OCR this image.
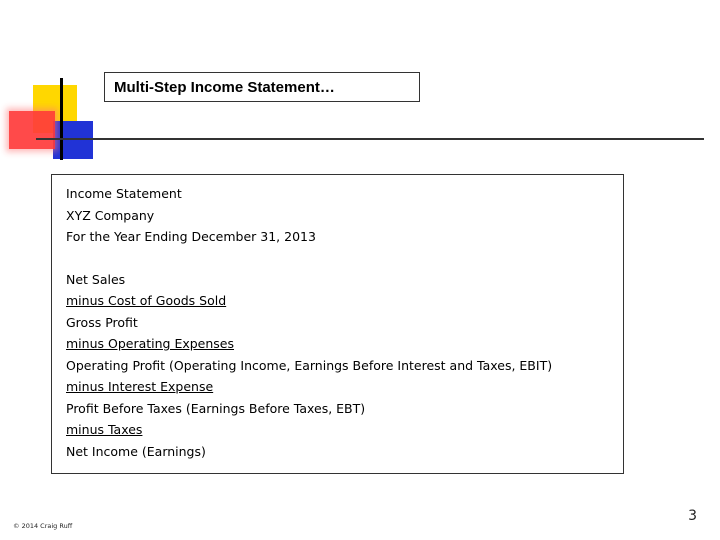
Multi-Step Income Statement…
Income Statement
XYZ Company
For the Year Ending December 31, 2013
Net Sales
minus Cost of Goods Sold
Gross Profit
minus Operating Expenses
Operating Profit (Operating Income, Earnings Before Interest and Taxes, EBIT)
minus Interest Expense
Profit Before Taxes (Earnings Before Taxes, EBT)
minus Taxes
Net Income (Earnings)
© 2014 Craig Ruff
3
